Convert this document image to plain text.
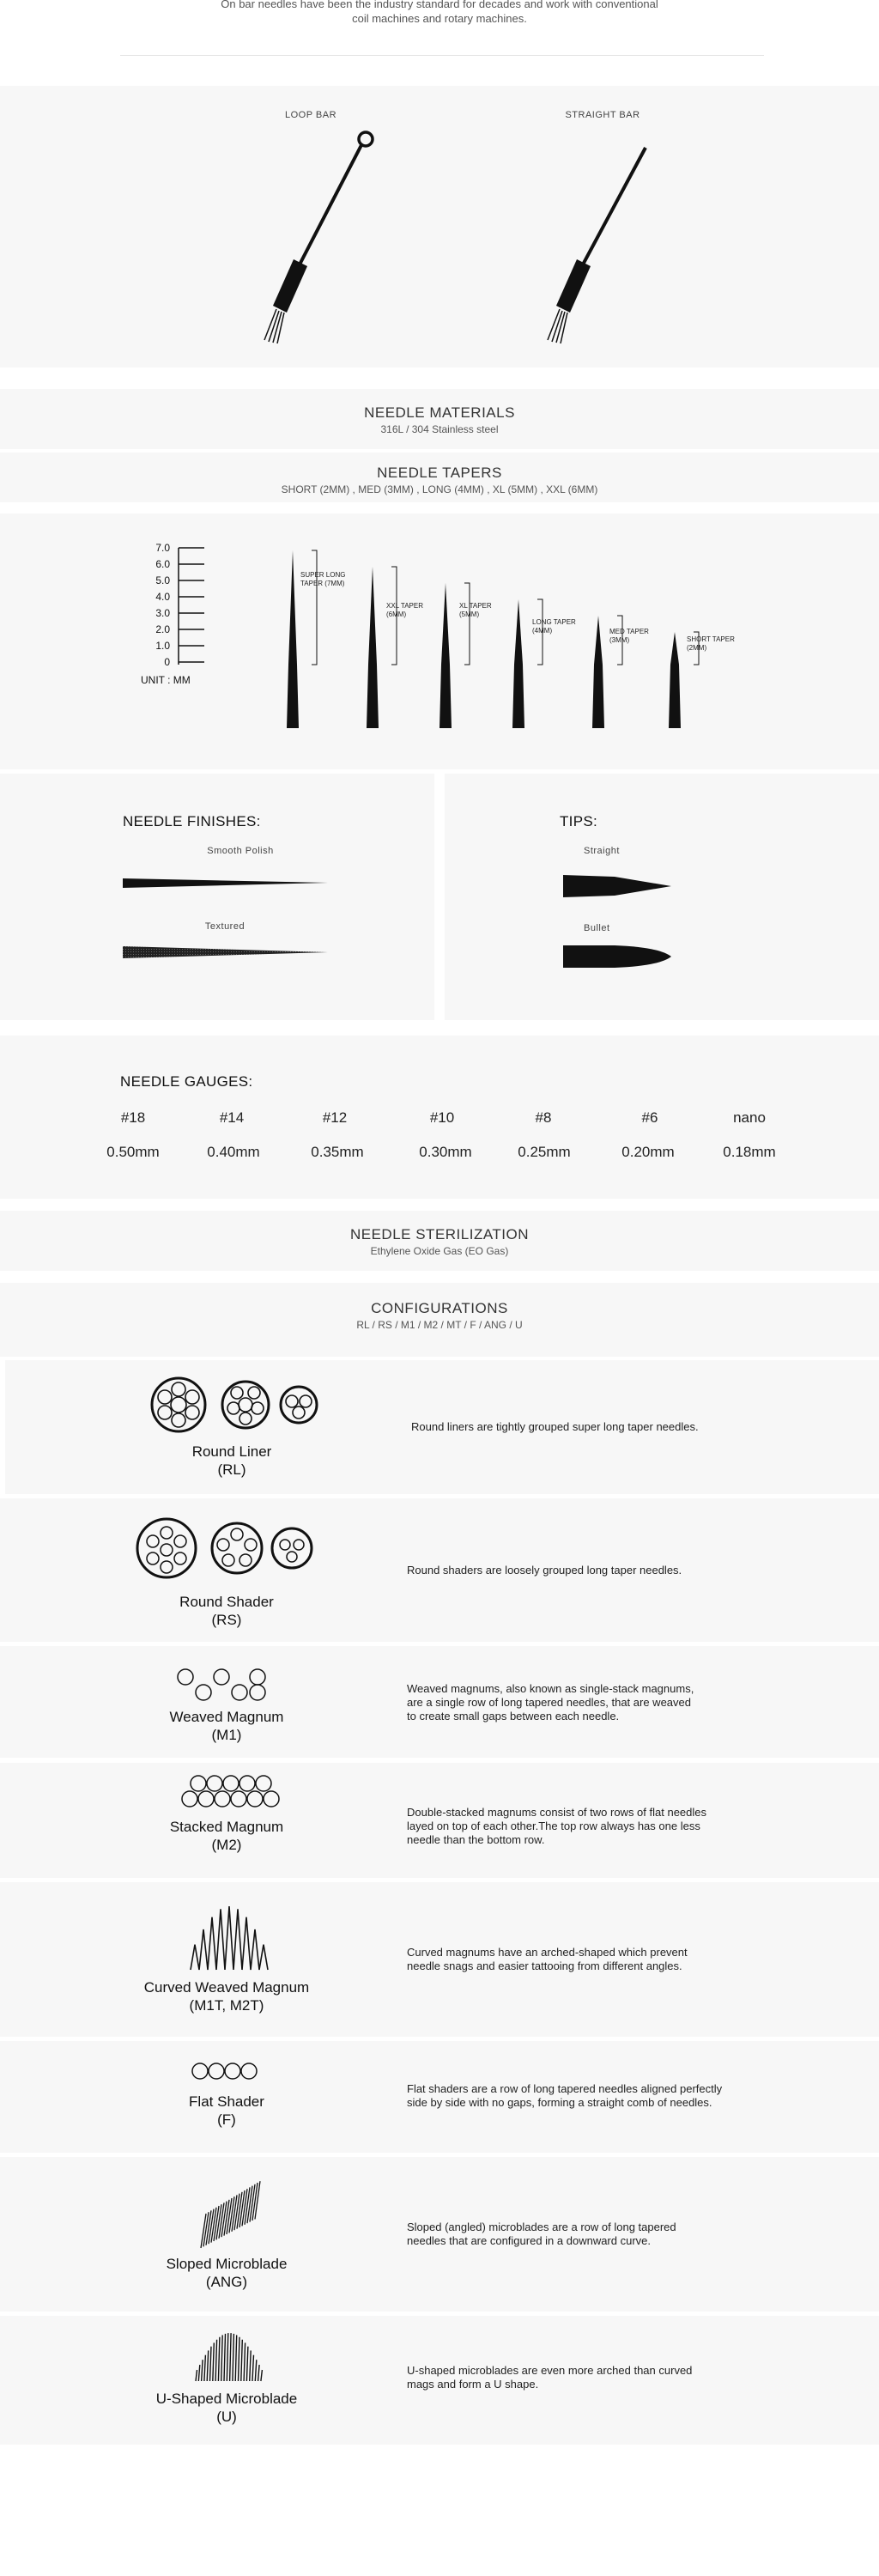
On bar needles have been the industry standard for decades and work with conventional
coil machines and rotary machines.
LOOP BAR	STRAIGHT BAR
NEEDLE MATERIALS
316L / 304 Stainless steel
NEEDLE TAPERS
SHORT (2MM) , MED (3MM) , LONG (4MM) , XL (5MM) , XXL (6MM)
7.0
6.0
5.0
4.0
3.0
2.0
1.0
0
UNIT : MM
SUPER LONG
TAPER (7MM)
XXL TAPER
(6MM)
XL TAPER
(5MM)
LONG TAPER
(4MM)	MED TAPER
(3MM)	SHORT TAPER
(2MM)
NEEDLE FINISHES:
Smooth Polish
Textured
TIPS:
Straight
Bullet
NEEDLE GAUGES:
#18	#14	#12	#10	#8	#6	nano
0.50mm	0.40mm	0.35mm	0.30mm	0.25mm	0.20mm	0.18mm
NEEDLE STERILIZATION
Ethylene Oxide Gas (EO Gas)
CONFIGURATIONS
RL / RS / M1 / M2 / MT / F / ANG / U
Round Liner
(RL)
Round liners are tightly grouped super long taper needles.
Round Shader
(RS)
Round shaders are loosely grouped long taper needles.
Weaved Magnum
(M1)
Weaved magnums, also known as single-stack magnums,
are a single row of long tapered needles, that are weaved
to create small gaps between each needle.
Stacked Magnum
(M2)
Double-stacked magnums consist of two rows of flat needles
layed on top of each other.The top row always has one less
needle than the bottom row.
Curved Weaved Magnum
(M1T, M2T)
Curved magnums have an arched-shaped which prevent
needle snags and easier tattooing from different angles.
Flat Shader
(F)
Flat shaders are a row of long tapered needles aligned perfectly
side by side with no gaps, forming a straight comb of needles.
Sloped Microblade
(ANG)
Sloped (angled) microblades are a row of long tapered
needles that are configured in a downward curve.
U-Shaped Microblade
(U)
U-shaped microblades are even more arched than curved
mags and form a U shape.
